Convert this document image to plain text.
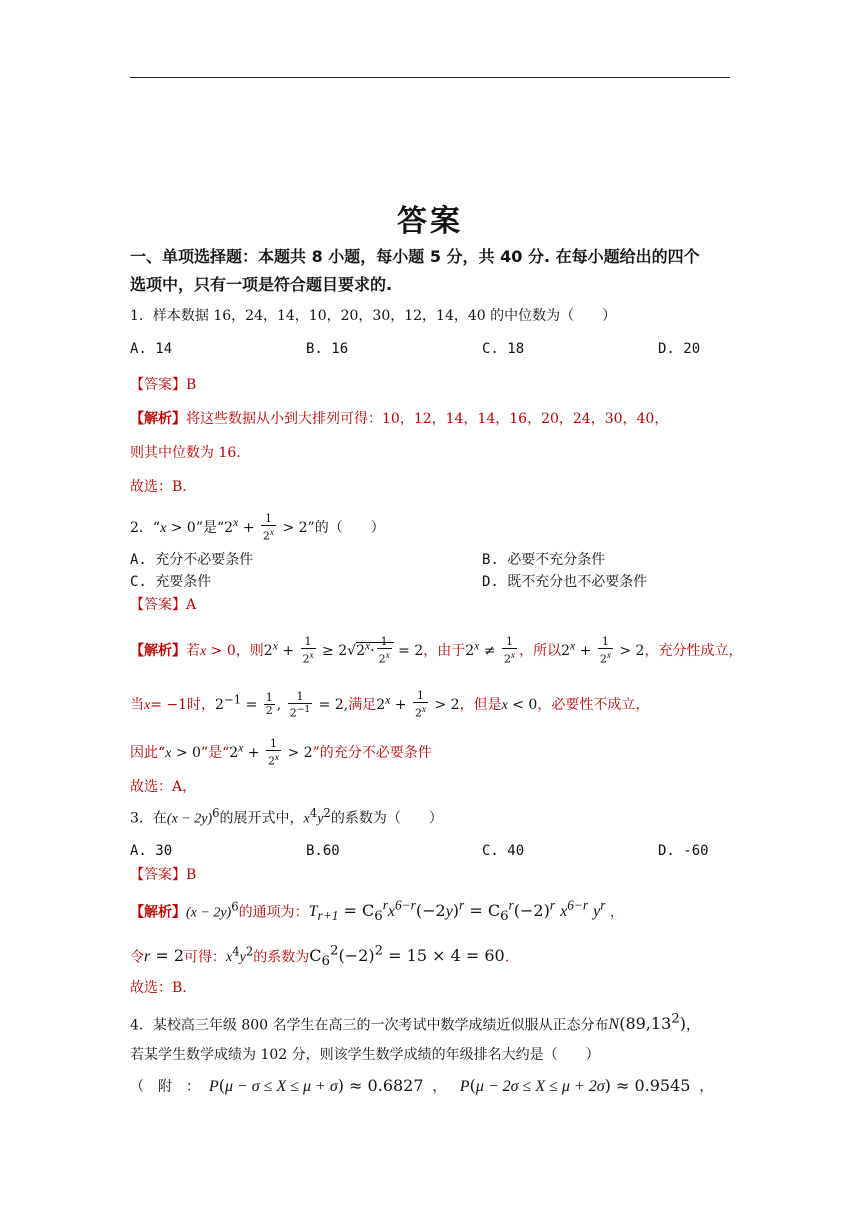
答案
一、单项选择题：本题共 8 小题，每小题 5 分，共 40 分. 在每小题给出的四个
选项中，只有一项是符合题目要求的.
1．样本数据 16，24，14，10，20，30，12，14，40 的中位数为（　　）
A. 14	B. 16	C. 18	D. 20
【答案】B
【解析】将这些数据从小到大排列可得：10，12，14，14，16，20，24，30，40，
则其中位数为 16.
故选：B.
2．“x > 0”是“$2^x + \frac{1}{2^x} > 2$”的（　　）
A. 充分不必要条件	B. 必要不充分条件
C. 充要条件	D. 既不充分也不必要条件
【答案】A
【解析】若x > 0，则$2^x + \frac{1}{2^x} \ge 2√2^x\cdot \frac{1}{2^x} = 2$，由于$2^x \ne \frac{1}{2^x}$ ，所以$2^x + \frac{1}{2^x} > 2$，充分性成立，
当x= −1时，$2^{-1} = \frac{1}{2}$ , $\frac{1}{2^{-1}} = 2$,满足$2^x + \frac{1}{2^x} > 2$，但是x < 0，必要性不成立，
因此“x > 0”是“$2^x + \frac{1}{2^x} > 2$”的充分不必要条件
故选：A，
3．在$(x - 2y)^6$的展开式中，$x^4y^2$的系数为（　　）
A. 30	B.60	C. 40	D. -60
【答案】B
【解析】$(x - 2y)^6$的通项为：$T_{r+1} = C_6^rx^{6-r}(-2y)^r = C_6^r(-2)^r$ $x^{6-r}$ $y^r$ ，
令r = 2可得：$x^4y^2$的系数为$C_6^2(-2)^2 = 15 \times 4 = 60$.
故选：B.
4．某校高三年级 800 名学生在高三的一次考试中数学成绩近似服从正态分布N(89,13$^2$)，
若某学生数学成绩为 102 分，则该学生数学成绩的年级排名大约是（　　）
（　附　： P(μ − σ ≤ X ≤ μ + σ) ≈ 0.6827  ，   P(μ − 2σ ≤ X ≤ μ + 2σ) ≈ 0.9545  ，
